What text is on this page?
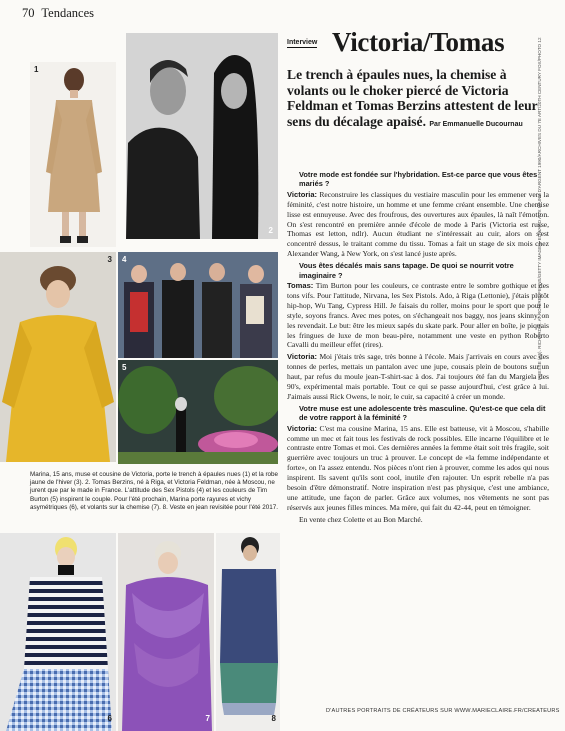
70 Tendances
1
2
3 4
5
Marina, 15 ans, muse et cousine de Victoria, porte le trench à épaules nues (1) et la robe jaune de l'hiver (3). 2. Tomas Berzins, né à Riga, et Victoria Feldman, née à Moscou, ne jurent que par le made in France. L'attitude des Sex Pistols (4) et les couleurs de Tim Burton (5) inspirent le couple. Pour l'été prochain, Marina porte rayures et vichy asymétriques (6), et volants sur la chemise (7). 8. Veste en jean revisitée pour l'été 2017.
6	7	8
Interview Victoria/Tomas
Le trench à épaules nues, la chemise à volants ou le choker piercé de Victoria Feldman et Tomas Berzins attestent de leur sens du décalage apaisé. Par Emmanuelle Ducournau

Votre mode est fondée sur l'hybridation. Est-ce parce que vous êtes mariés ?

Victoria: Reconstruire les classiques du vestiaire masculin pour les emmener vers la féminité, c'est notre histoire, un homme et une femme créant ensemble. Une chemise lisse est ennuyeuse. Avec des froufrous, des ouvertures aux épaules, là naît l'émotion. On s'est rencontré en première année d'école de mode à Paris (Victoria est russe, Thomas est letton, ndlr). Aucun étudiant ne s'intéressait au cuir, alors on s'est concentré dessus, le traitant comme du tissu. Tomas a fait un stage de six mois chez Alexander Wang, à New York, on s'est lancé juste après.

Vous êtes décalés mais sans tapage. De quoi se nourrit votre imaginaire ?

Tomas: Tim Burton pour les couleurs, ce contraste entre le sombre gothique et des tons vifs. Pour l'attitude, Nirvana, les Sex Pistols. Ado, à Riga (Lettonie), j'étais plutôt hip-hop, Wu Tang, Cypress Hill. Je faisais du roller, moins pour le sport que pour le style, soyons francs. Avec mes potes, on s'échangeait nos baggy, nos jeans skinny, on les revendait. Le but: être les mieux sapés du skate park. Pour aller en boîte, je piquais les fringues de luxe de mon beau-père, notamment une veste en python Roberto Cavalli du meilleur effet (rires).

Victoria: Moi j'étais très sage, très bonne à l'école. Mais j'arrivais en cours avec des tonnes de perles, mettais un pantalon avec une jupe, cousais plein de boutons sur un haut, par refus du moule jean-T-shirt-sac à dos. J'ai toujours été fan du Margiela des 90's, expérimental mais portable. Tout ce qui se passe aujourd'hui, c'est grâce à lui. J'aimais aussi Rick Owens, le noir, le cuir, sa capacité à créer un monde.

Votre muse est une adolescente très masculine. Qu'est-ce que cela dit de votre rapport à la féminité ?

Victoria: C'est ma cousine Marina, 15 ans. Elle est batteuse, vit à Moscou, s'habille comme un mec et fait tous les festivals de rock possibles. Elle incarne l'équilibre et le contraste entre Tomas et moi. Ces dernières années la femme était soit très fragile, soit guerrière avec toujours un truc à prouver. Le concept de «la femme indépendante et forte», on l'a assez entendu. Nos pièces n'ont rien à prouver, comme les ados qui nous inspirent. Ils savent qu'ils sont cool, inutile d'en rajouter. Un esprit rebelle n'a pas besoin d'être démonstratif. Notre inspiration n'est pas physique, c'est une ambiance, une attitude, une façon de parler. Grâce aux volumes, nos vêtements ne sont pas réservés aux jeunes filles minces. Ma mère, qui fait du 42-44, peut en témoigner.

En vente chez Colette et au Bon Marché.

D'AUTRES PORTRAITS DE CRÉATEURS SUR WWW.MARIECLAIRE.FR/CREATEURS
PRESSE (X6). RICHARD E. AARON/REDFERNS/GETTY IMAGES. EDWARD AUX MAINS D'ARGENT 1990/ARCHIVES DU 7E ART/20TH CENTURY FOX/PHOTO 12
